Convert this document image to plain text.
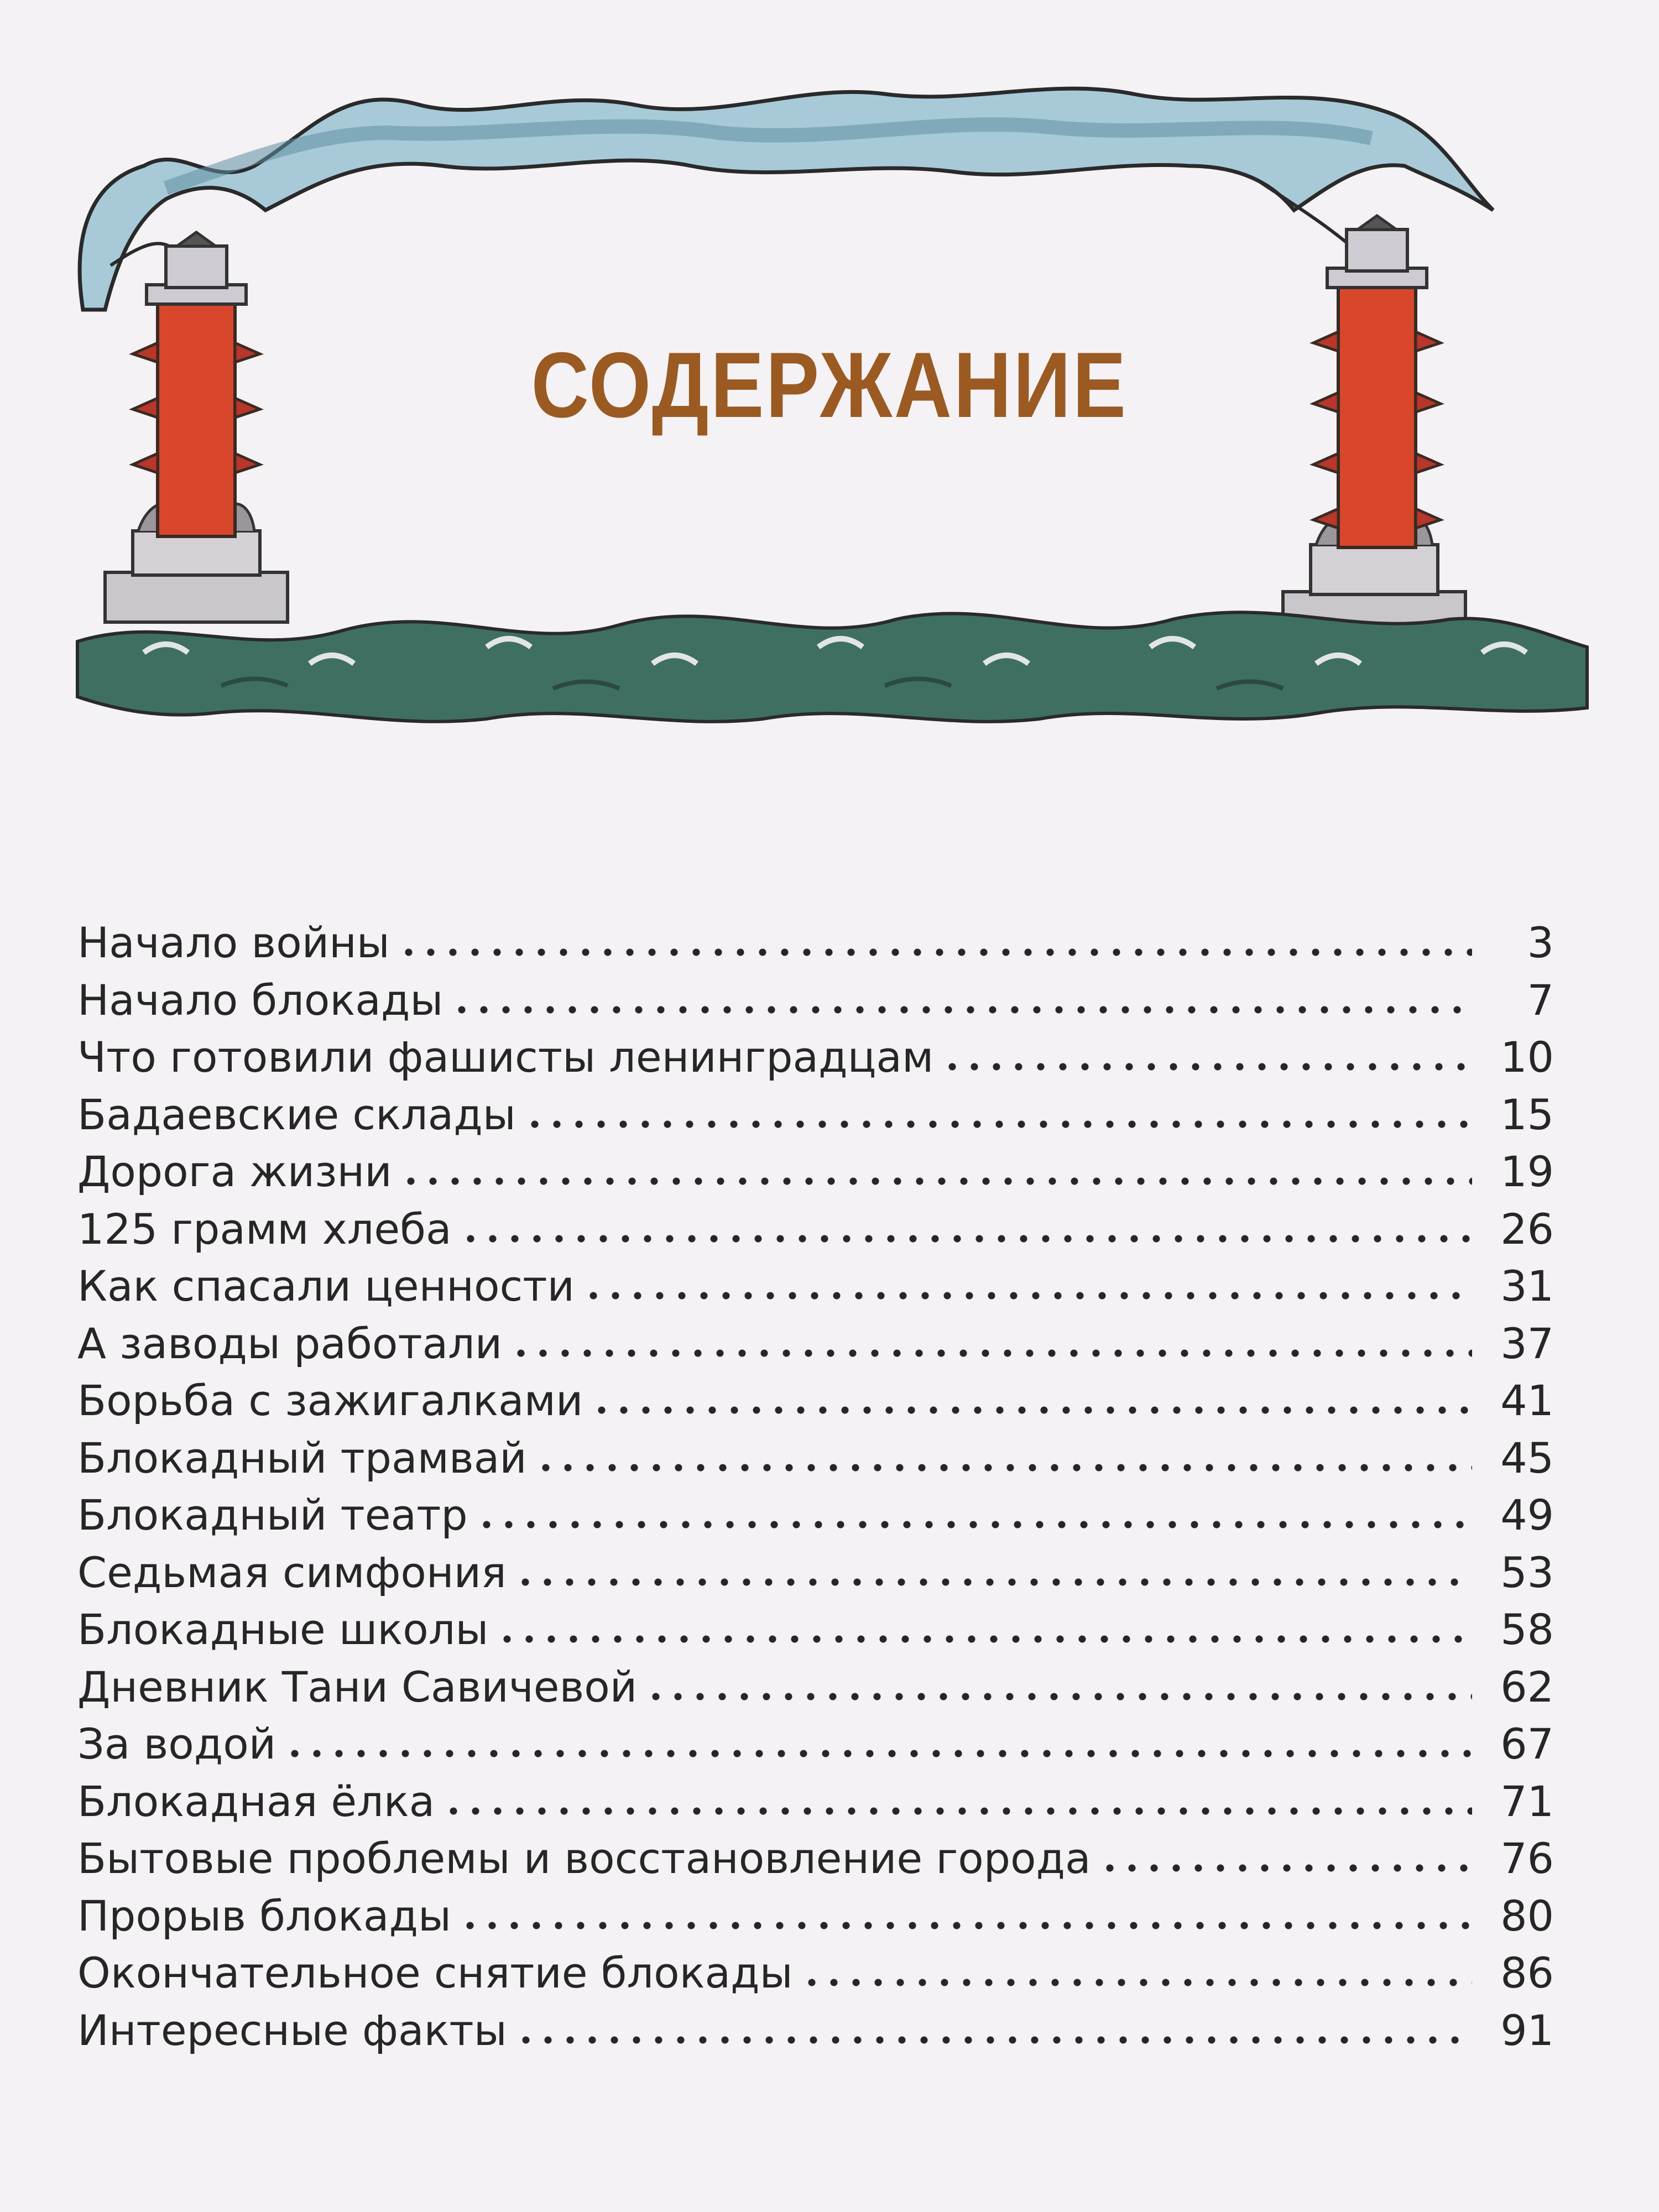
СОДЕРЖАНИЕ
Начало войны	3
Начало блокады	7
Что готовили фашисты ленинградцам	10
Бадаевские склады	15
Дорога жизни	19
125 грамм хлеба	26
Как спасали ценности	31
А заводы работали	37
Борьба с зажигалками	41
Блокадный трамвай	45
Блокадный театр	49
Седьмая симфония	53
Блокадные школы	58
Дневник Тани Савичевой	62
За водой	67
Блокадная ёлка	71
Бытовые проблемы и восстановление города	76
Прорыв блокады	80
Окончательное снятие блокады	86
Интересные факты	91
